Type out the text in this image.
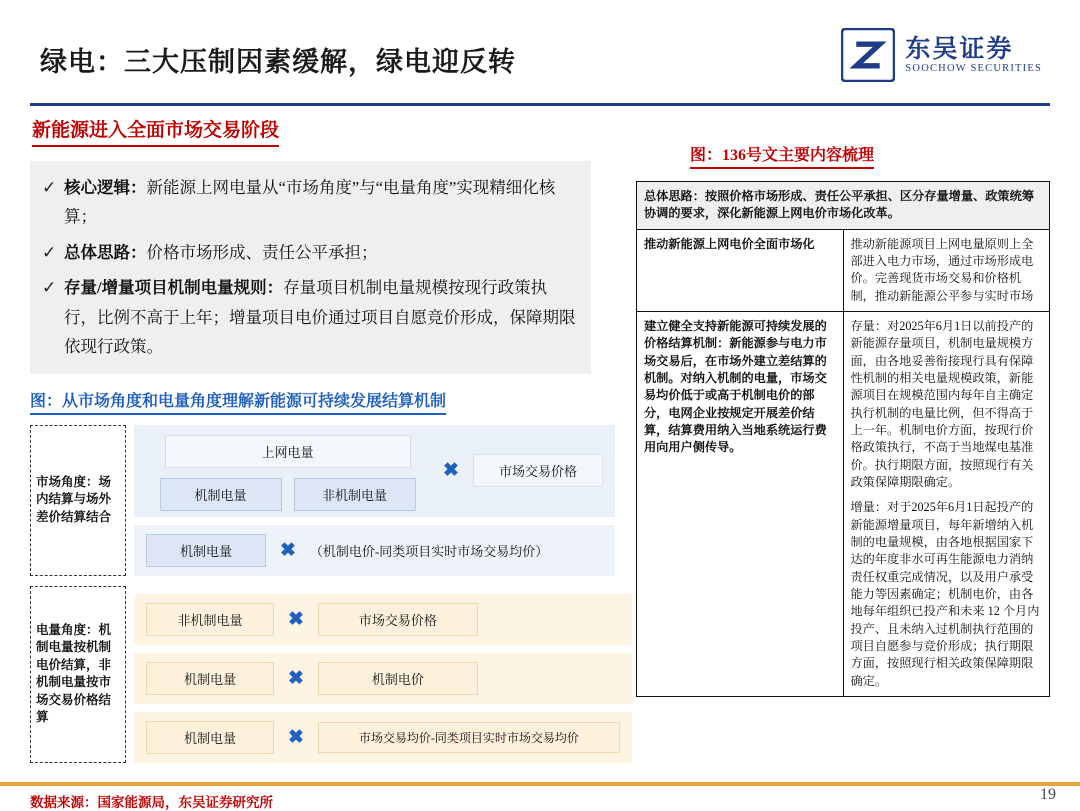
绿电：三大压制因素缓解，绿电迎反转	东吴证券
SOOCHOW SECURITIES
新能源进入全面市场交易阶段
✓ 核心逻辑：新能源上网电量从“市场角度”与“电量角度”实现精细化核算；
✓ 总体思路：价格市场形成、责任公平承担；
✓ 存量/增量项目机制电量规则：存量项目机制电量规模按现行政策执行，比例不高于上年；增量项目电价通过项目自愿竞价形成，保障期限依现行政策。
图：从市场角度和电量角度理解新能源可持续发展结算机制
市场角度：场内结算与场外差价结算结合
上网电量
机制电量	非机制电量
✖	市场交易价格
机制电量	✖ （机制电价-同类项目实时市场交易均价）
电量角度：机制电量按机制电价结算，非机制电量按市场交易价格结算
非机制电量	✖	市场交易价格
机制电量	✖	机制电价
机制电量	✖	市场交易均价-同类项目实时市场交易均价
图：136号文主要内容梳理
总体思路：按照价格市场形成、责任公平承担、区分存量增量、政策统筹协调的要求，深化新能源上网电价市场化改革。	
推动新能源上网电价全面市场化	推动新能源项目上网电量原则上全部进入电力市场，通过市场形成电价。完善现货市场交易和价格机制，推动新能源公平参与实时市场
建立健全支持新能源可持续发展的价格结算机制：新能源参与电力市场交易后，在市场外建立差结算的机制。对纳入机制的电量，市场交易均价低于或高于机制电价的部分，电网企业按规定开展差价结算，结算费用纳入当地系统运行费用向用户侧传导。	存量：对2025年6月1日以前投产的新能源存量项目，机制电量规模方面，由各地妥善衔接现行具有保障性机制的相关电量规模政策，新能源项目在规模范围内每年自主确定执行机制的电量比例，但不得高于上一年。机制电价方面，按现行价格政策执行，不高于当地煤电基准价。执行期限方面，按照现行有关政策保障期限确定。
增量：对于2025年6月1日起投产的新能源增量项目，每年新增纳入机制的电量规模，由各地根据国家下达的年度非水可再生能源电力消纳责任权重完成情况，以及用户承受能力等因素确定；机制电价，由各地每年组织已投产和未来 12 个月内投产、且未纳入过机制执行范围的项目自愿参与竞价形成；执行期限方面，按照现行相关政策保障期限确定。
数据来源：国家能源局，东吴证券研究所	19
